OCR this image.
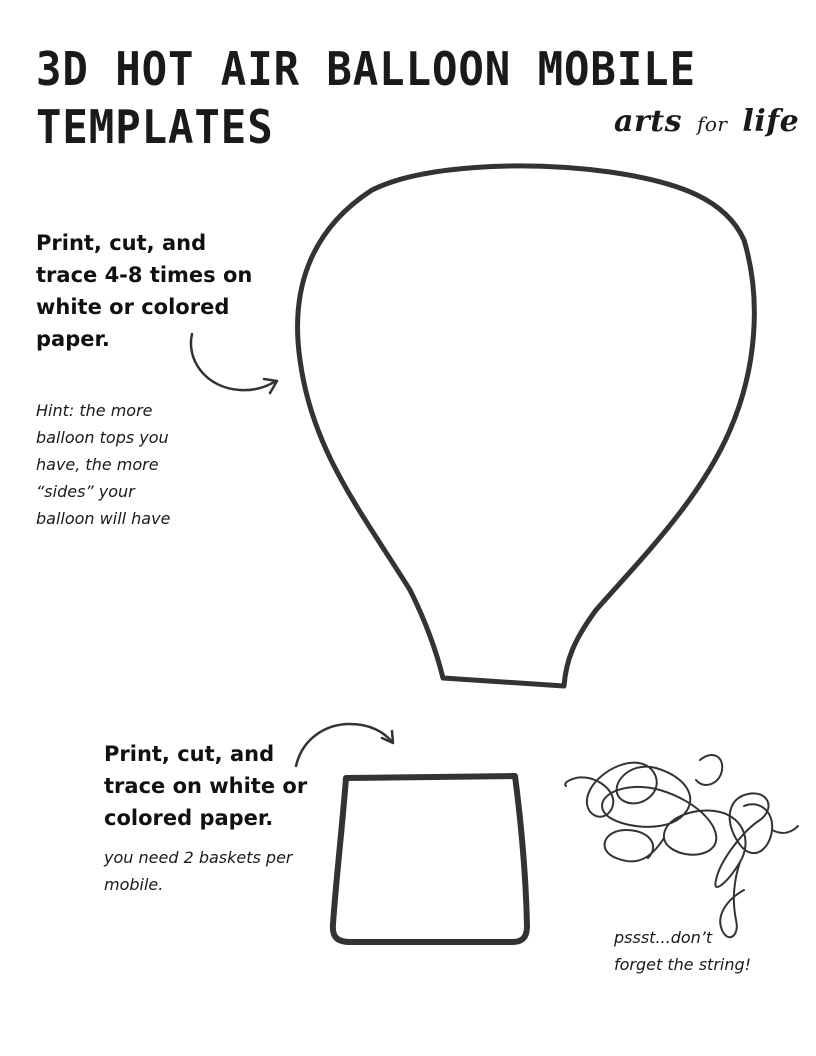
3D HOT AIR BALLOON MOBILE
TEMPLATES	arts for life

Print, cut, and
trace 4-8 times on
white or colored
paper.

Hint: the more
balloon tops you
have, the more
“sides” your
balloon will have

Print, cut, and
trace on white or
colored paper.

you need 2 baskets per
mobile.

pssst...don’t
forget the string!
